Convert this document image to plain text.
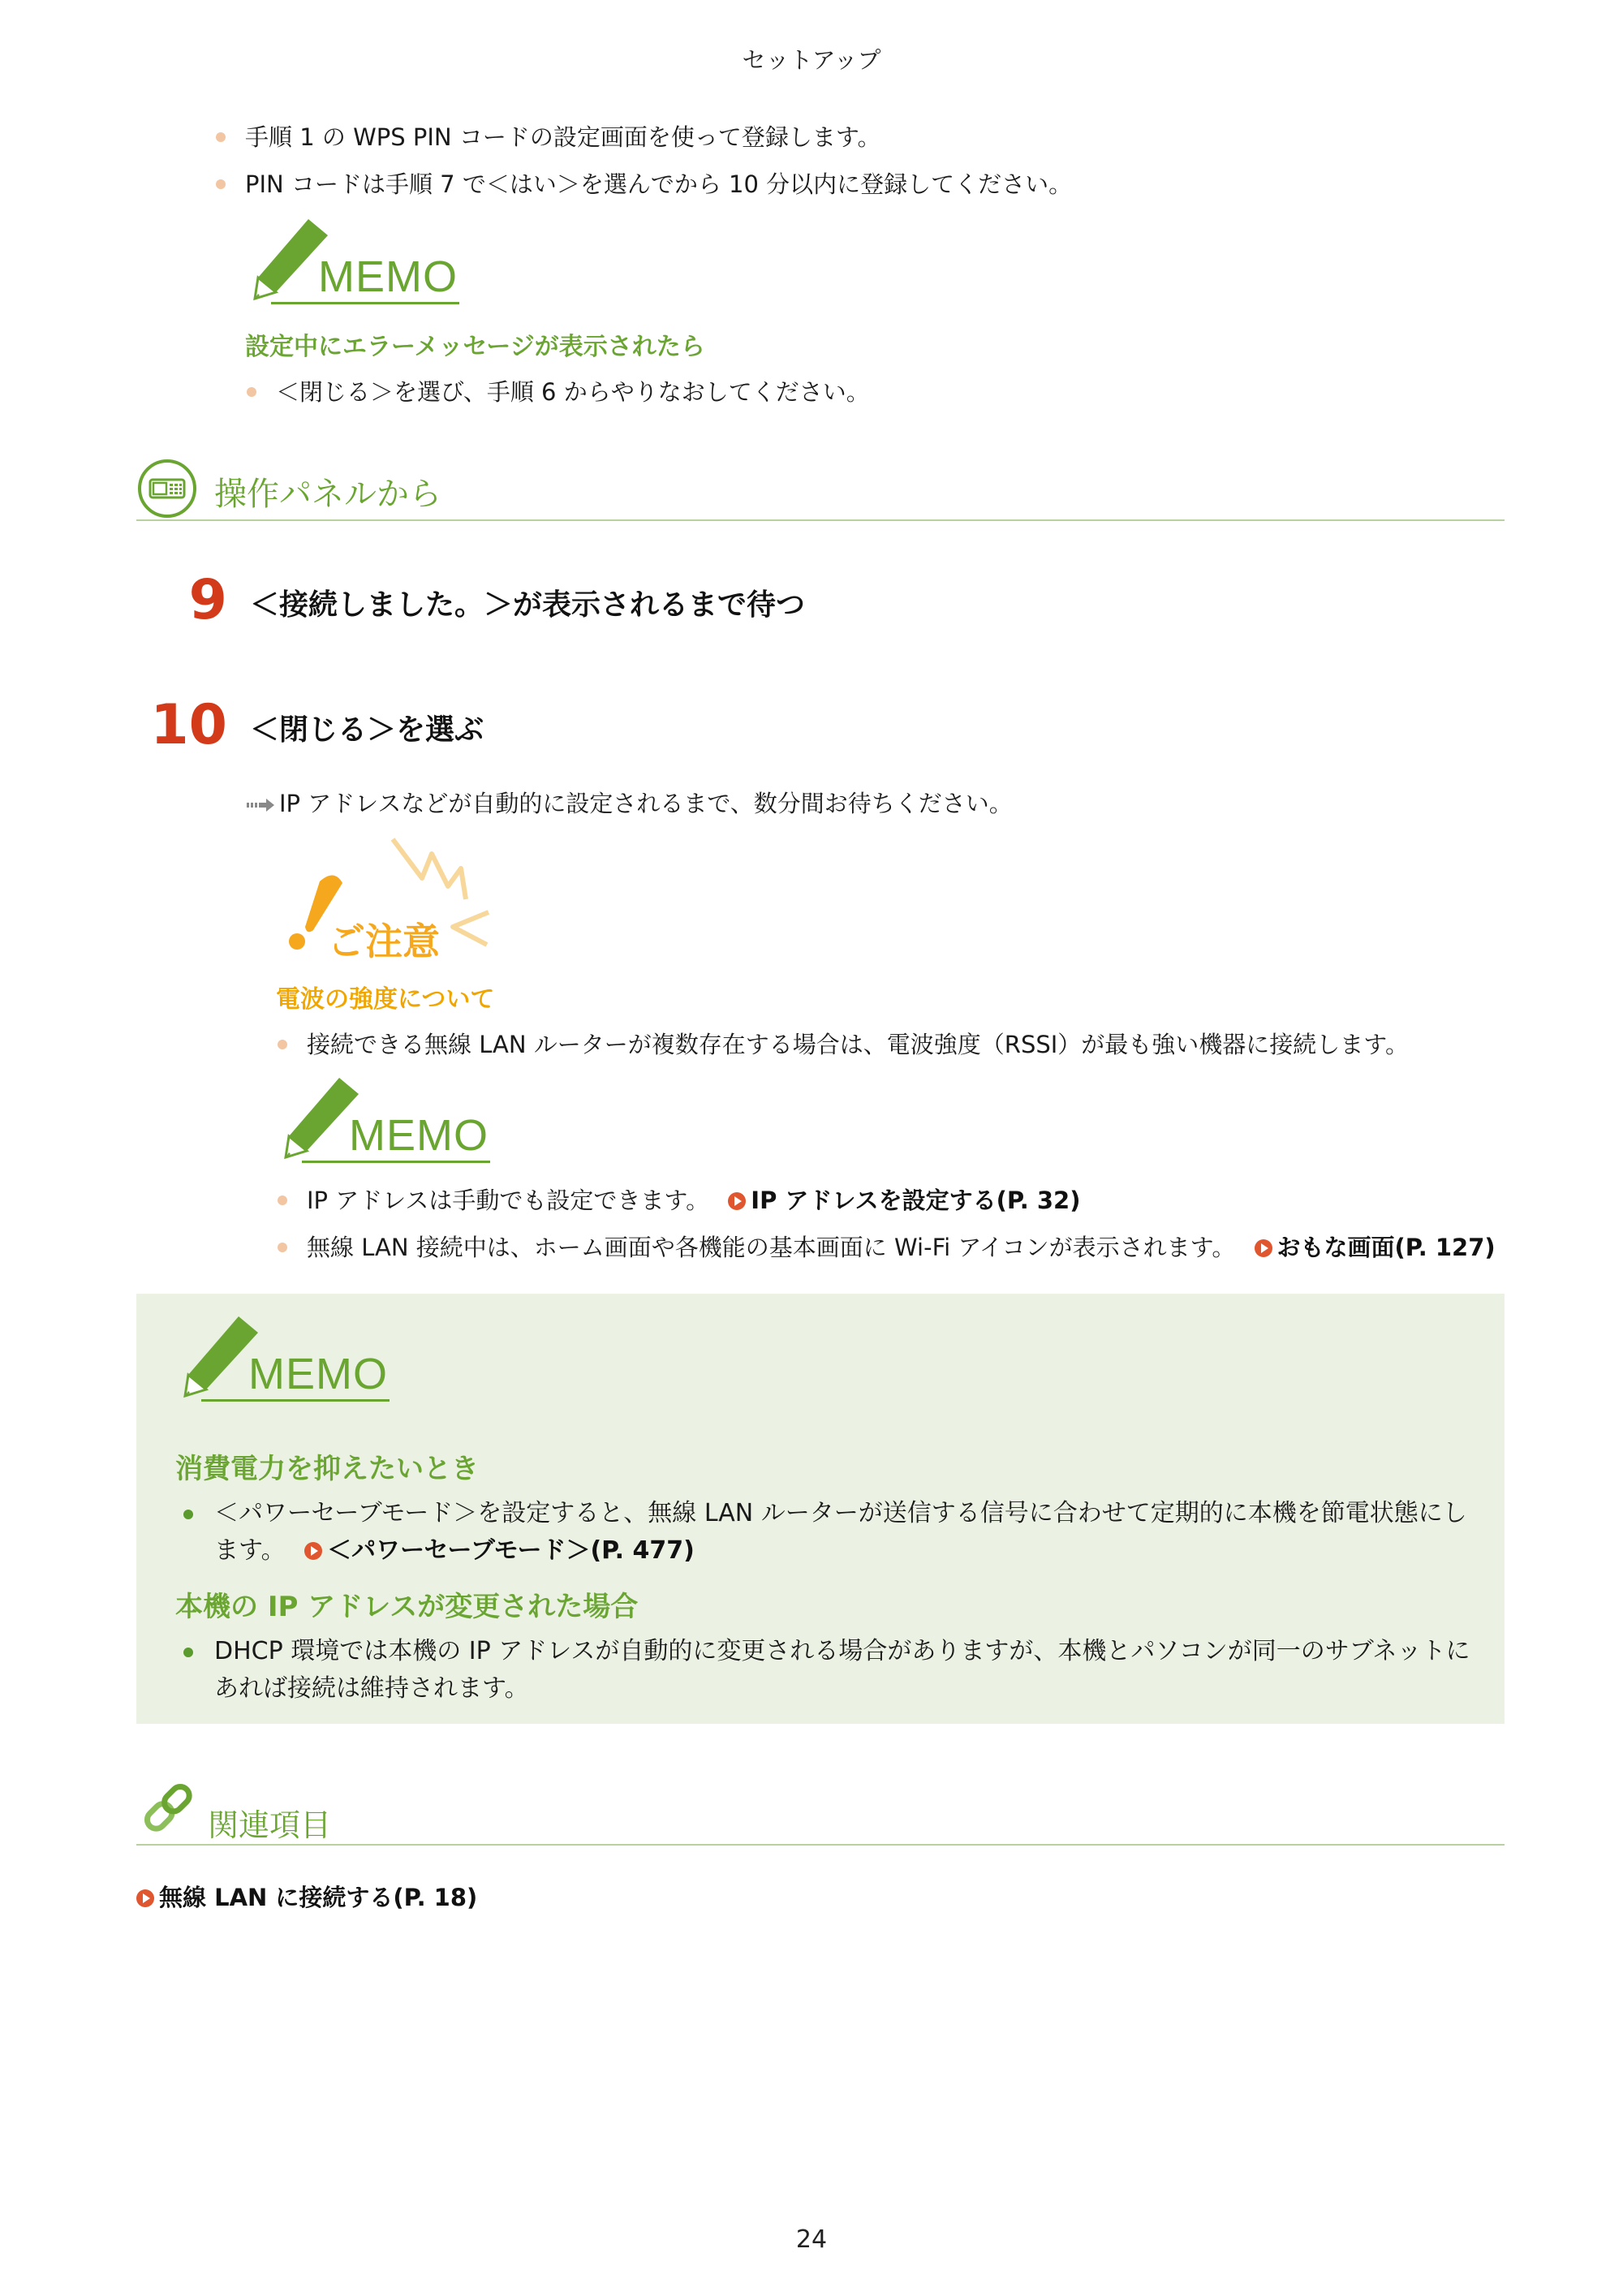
セットアップ
手順 1 の WPS PIN コードの設定画面を使って登録します。
PIN コードは手順 7 で＜はい＞を選んでから 10 分以内に登録してください。
MEMO
設定中にエラーメッセージが表示されたら
＜閉じる＞を選び、手順 6 からやりなおしてください。
操作パネルから
9 ＜接続しました。＞が表示されるまで待つ
10 ＜閉じる＞を選ぶ
IP アドレスなどが自動的に設定されるまで、数分間お待ちください。
ご注意
電波の強度について
接続できる無線 LAN ルーターが複数存在する場合は、電波強度（RSSI）が最も強い機器に接続します。
MEMO
IP アドレスは手動でも設定できます。 IP アドレスを設定する(P. 32)
無線 LAN 接続中は、ホーム画面や各機能の基本画面に Wi-Fi アイコンが表示されます。 おもな画面(P. 127)
MEMO
消費電力を抑えたいとき
＜パワーセーブモード＞を設定すると、無線 LAN ルーターが送信する信号に合わせて定期的に本機を節電状態にし
ます。 ＜パワーセーブモード＞(P. 477)
本機の IP アドレスが変更された場合
DHCP 環境では本機の IP アドレスが自動的に変更される場合がありますが、本機とパソコンが同一のサブネットに
あれば接続は維持されます。
関連項目
無線 LAN に接続する(P. 18)
24
